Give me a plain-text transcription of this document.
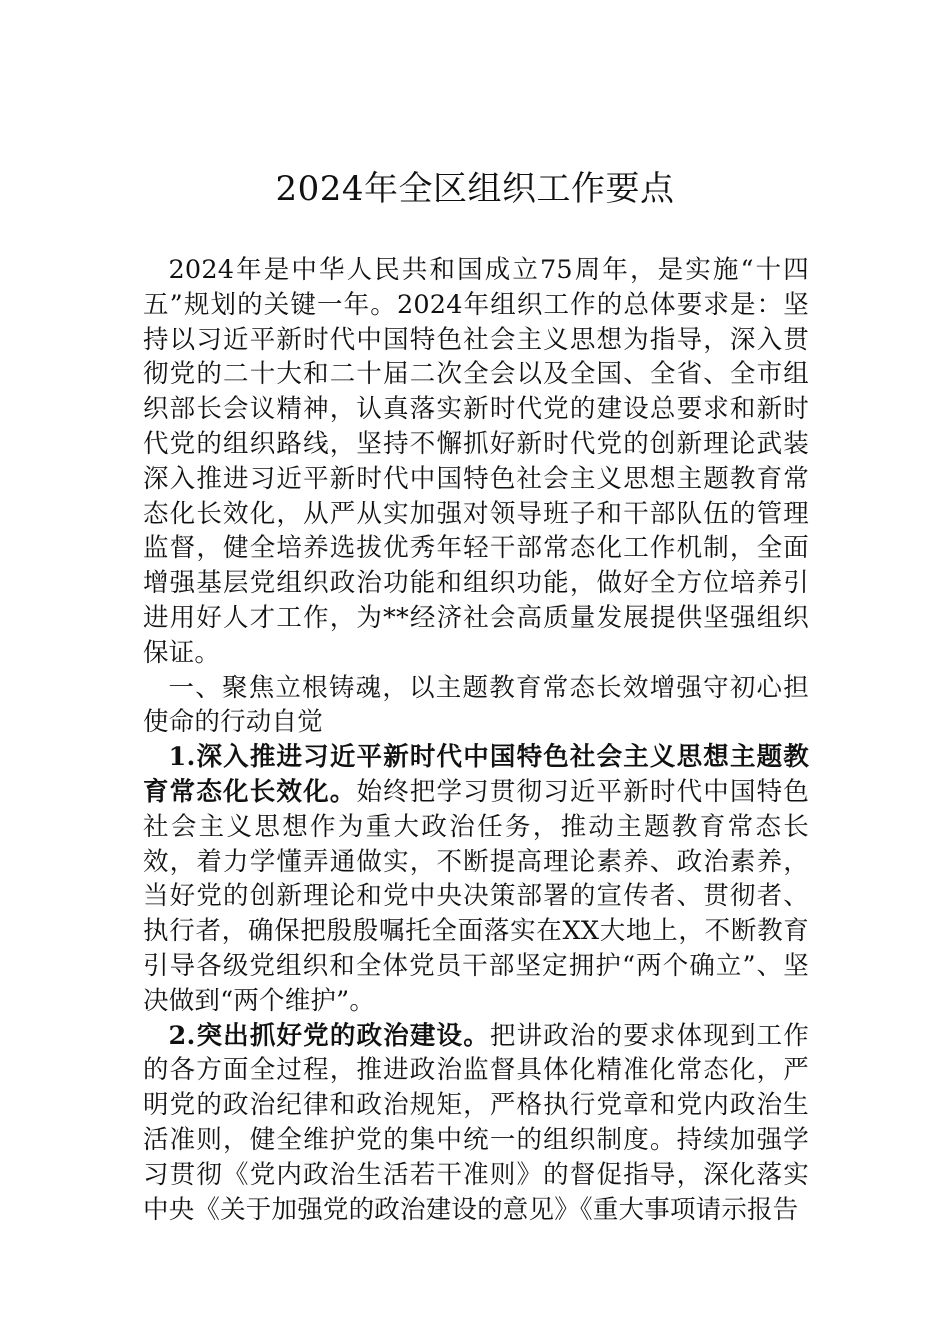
2024年全区组织工作要点

2024年是中华人民共和国成立75周年，是实施“十四五”规划的关键一年。2024年组织工作的总体要求是：坚持以习近平新时代中国特色社会主义思想为指导，深入贯彻党的二十大和二十届二次全会以及全国、全省、全市组织部长会议精神，认真落实新时代党的建设总要求和新时代党的组织路线，坚持不懈抓好新时代党的创新理论武装深入推进习近平新时代中国特色社会主义思想主题教育常态化长效化，从严从实加强对领导班子和干部队伍的管理监督，健全培养选拔优秀年轻干部常态化工作机制，全面增强基层党组织政治功能和组织功能，做好全方位培养引进用好人才工作，为**经济社会高质量发展提供坚强组织保证。

一、聚焦立根铸魂，以主题教育常态长效增强守初心担使命的行动自觉

1.深入推进习近平新时代中国特色社会主义思想主题教育常态化长效化。始终把学习贯彻习近平新时代中国特色社会主义思想作为重大政治任务，推动主题教育常态长效，着力学懂弄通做实，不断提高理论素养、政治素养，当好党的创新理论和党中央决策部署的宣传者、贯彻者、执行者，确保把殷殷嘱托全面落实在XX大地上，不断教育引导各级党组织和全体党员干部坚定拥护“两个确立”、坚决做到“两个维护”。

2.突出抓好党的政治建设。把讲政治的要求体现到工作的各方面全过程，推进政治监督具体化精准化常态化，严明党的政治纪律和政治规矩，严格执行党章和党内政治生活准则，健全维护党的集中统一的组织制度。持续加强学习贯彻《党内政治生活若干准则》的督促指导，深化落实中央《关于加强党的政治建设的意见》《重大事项请示报告
